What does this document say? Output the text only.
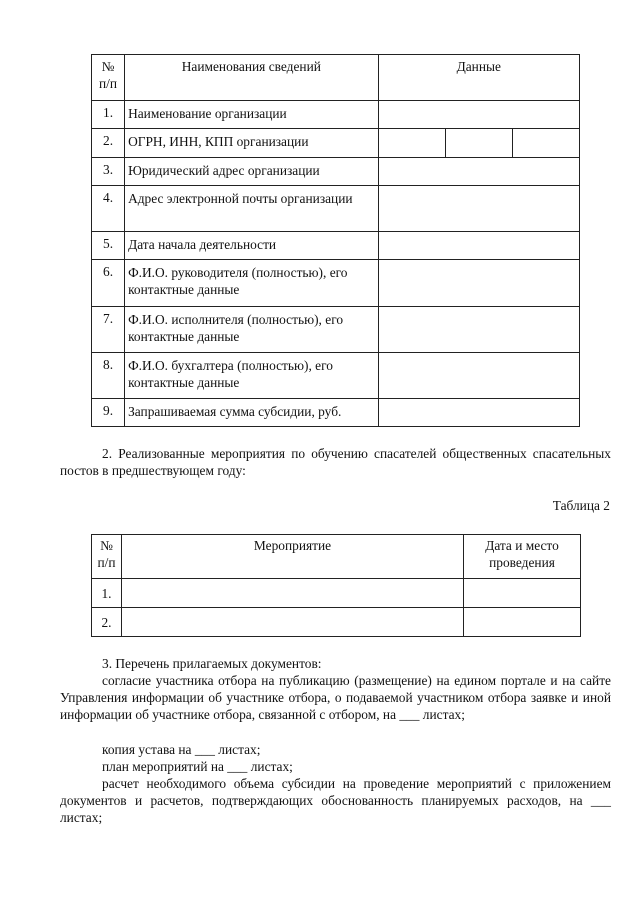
№ п/п	Наименования сведений	Данные		
1.	Наименование организации			
2.	ОГРН, ИНН, КПП организации			
3.	Юридический адрес организации			
4.	Адрес электронной почты организации			
5.	Дата начала деятельности			
6.	Ф.И.О. руководителя (полностью), его контактные данные			
7.	Ф.И.О. исполнителя (полностью), его контактные данные			
8.	Ф.И.О. бухгалтера (полностью), его контактные данные			
9.	Запрашиваемая сумма субсидии, руб.			

2. Реализованные мероприятия по обучению спасателей общественных спасательных постов в предшествующем году:

Таблица 2

№ п/п	Мероприятие	Дата и место проведения
1.		
2.		

3. Перечень прилагаемых документов:

согласие участника отбора на публикацию (размещение) на едином портале и на сайте Управления информации об участнике отбора, о подаваемой участником отбора заявке и иной информации об участнике отбора, связанной с отбором, на ___ листах;

копия устава на ___ листах;

план мероприятий на ___ листах;

расчет необходимого объема субсидии на проведение мероприятий с приложением документов и расчетов, подтверждающих обоснованность планируемых расходов, на ___ листах;
